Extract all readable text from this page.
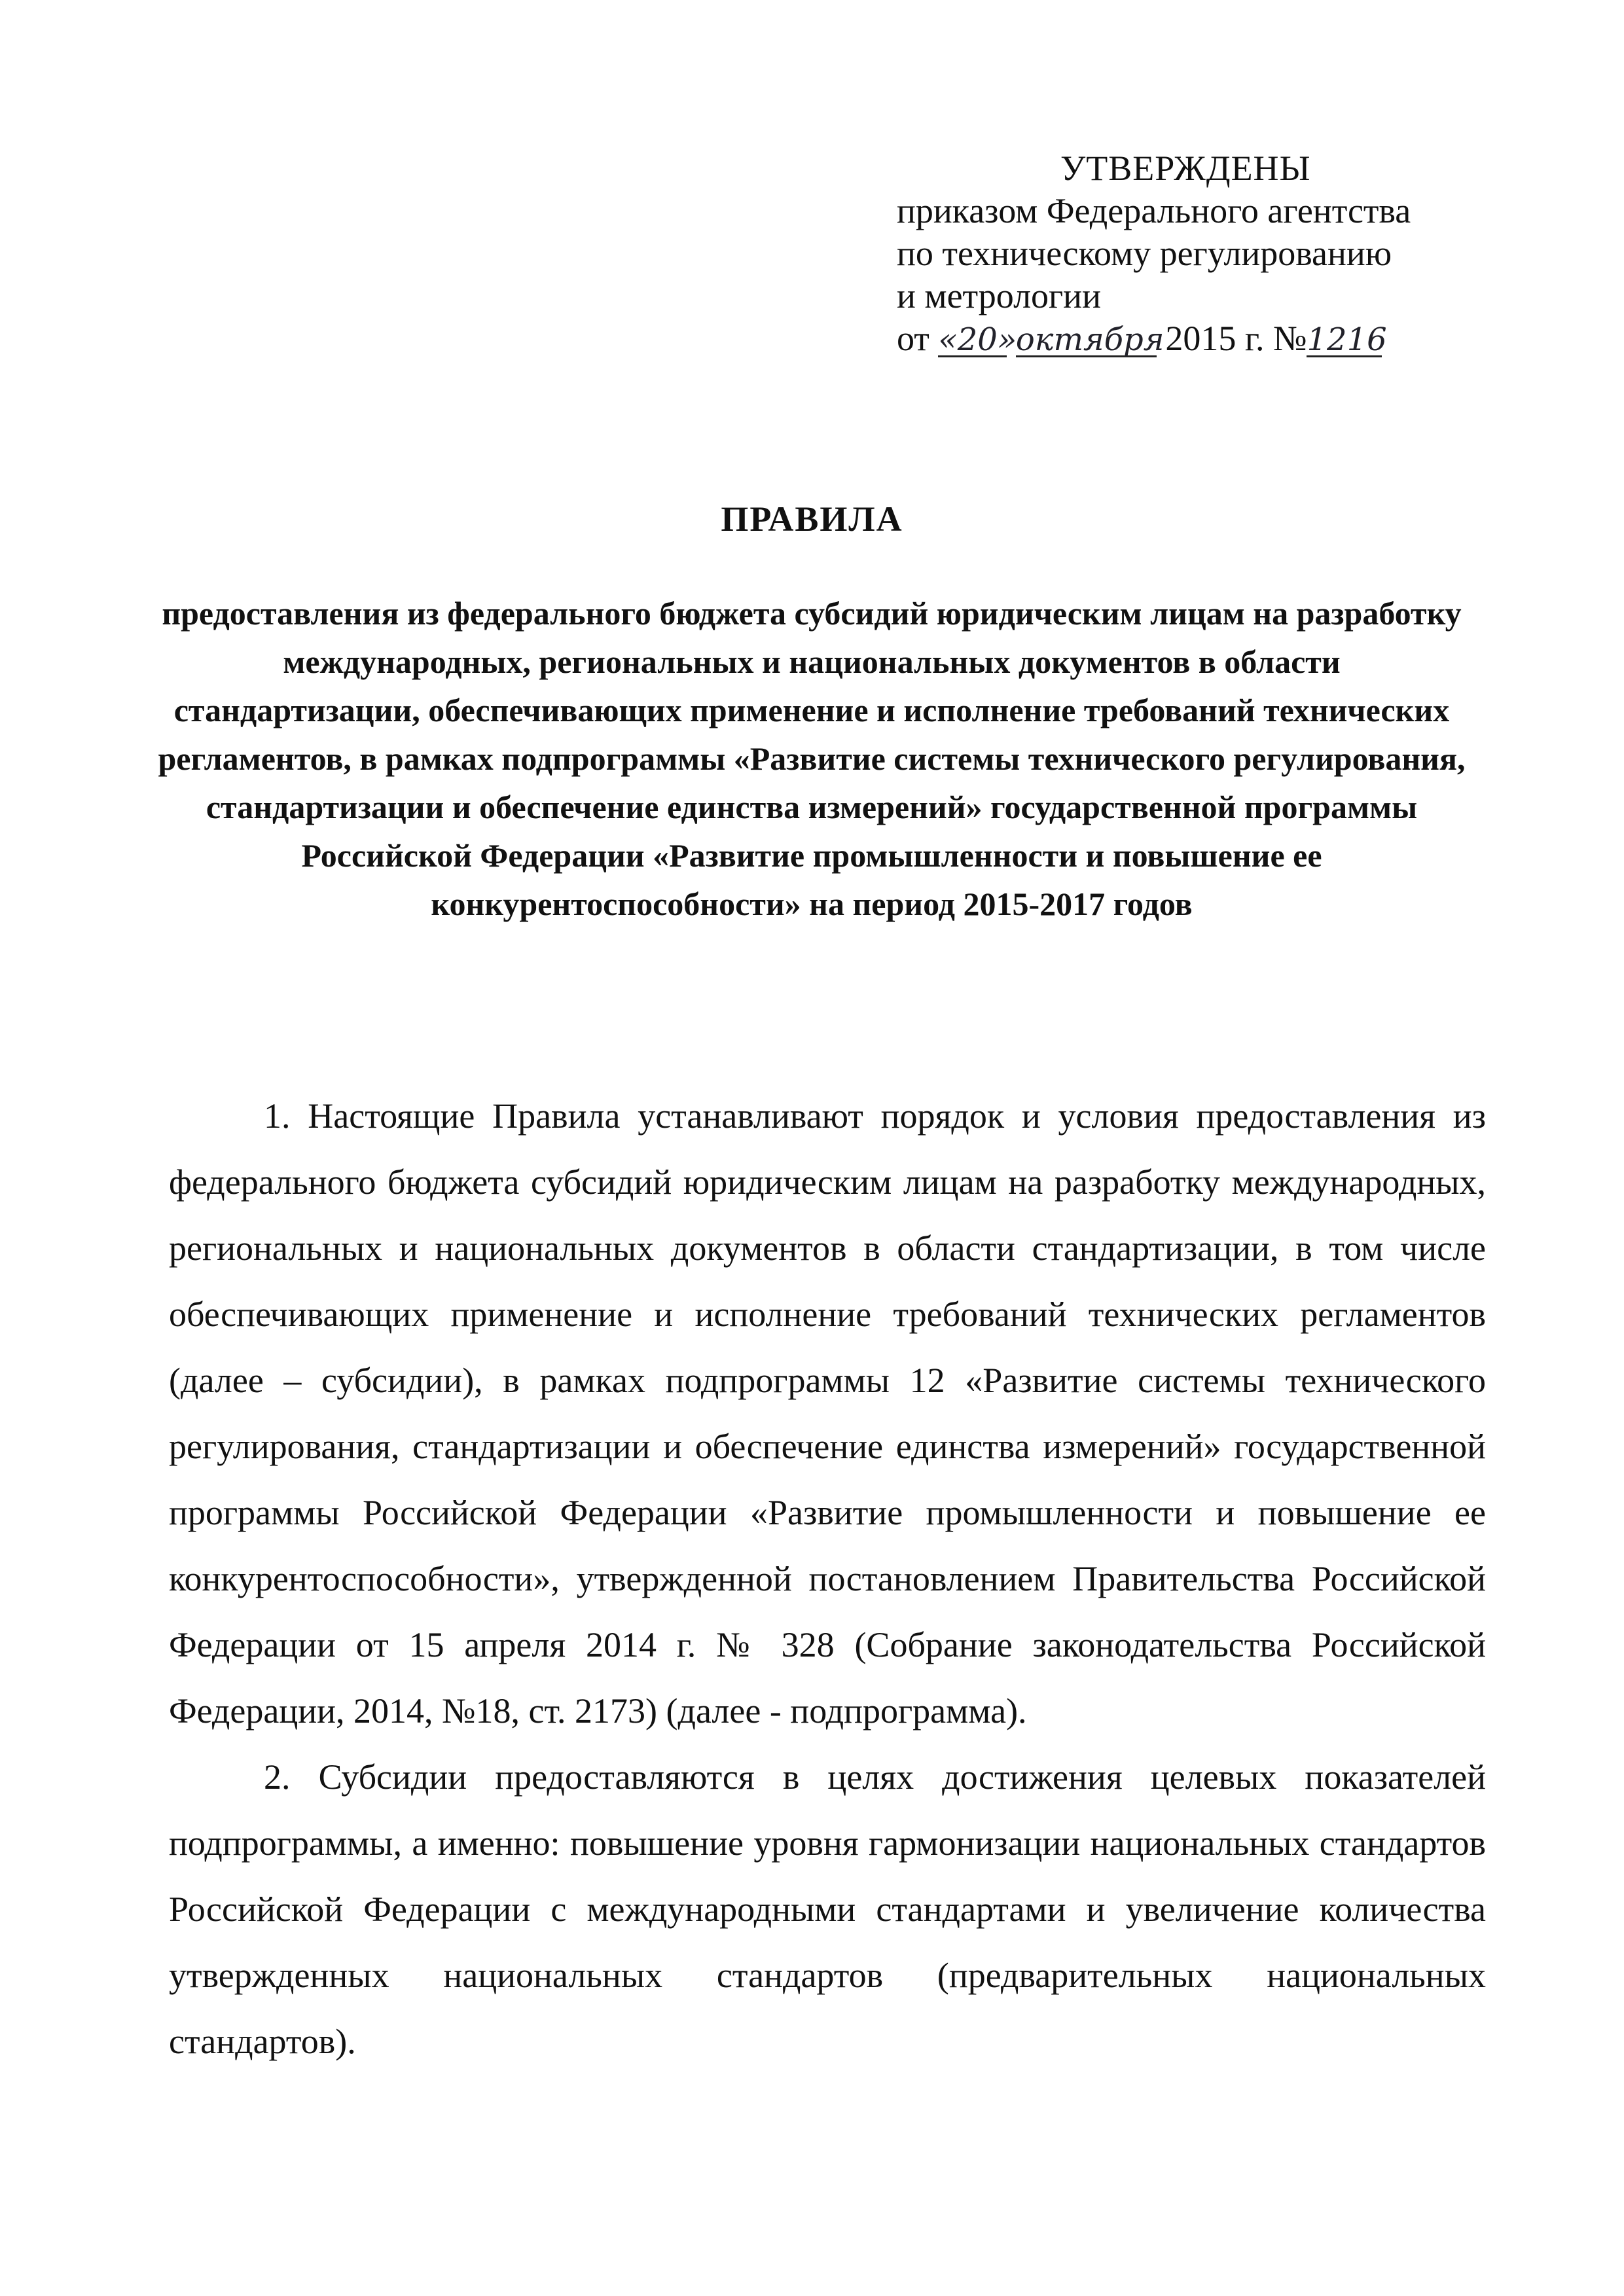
УТВЕРЖДЕНЫ
приказом Федерального агентства
по техническому регулированию
и метрологии
от «20» октября 2015 г. №1216
ПРАВИЛА
предоставления из федерального бюджета субсидий юридическим лицам на разработку международных, региональных и национальных документов в области стандартизации, обеспечивающих применение и исполнение требований технических регламентов, в рамках подпрограммы «Развитие системы технического регулирования, стандартизации и обеспечение единства измерений» государственной программы Российской Федерации «Развитие промышленности и повышение ее конкурентоспособности» на период 2015-2017 годов

1. Настоящие Правила устанавливают порядок и условия предоставления из федерального бюджета субсидий юридическим лицам на разработку международных, региональных и национальных документов в области стандартизации, в том числе обеспечивающих применение и исполнение требований технических регламентов (далее – субсидии), в рамках подпрограммы 12 «Развитие системы технического регулирования, стандартизации и обеспечение единства измерений» государственной программы Российской Федерации «Развитие промышленности и повышение ее конкурентоспособности», утвержденной постановлением Правительства Российской Федерации от 15 апреля 2014 г. № 328 (Собрание законодательства Российской Федерации, 2014, №18, ст. 2173) (далее - подпрограмма).

2. Субсидии предоставляются в целях достижения целевых показателей подпрограммы, а именно: повышение уровня гармонизации национальных стандартов Российской Федерации с международными стандартами и увеличение количества утвержденных национальных стандартов (предварительных национальных стандартов).
